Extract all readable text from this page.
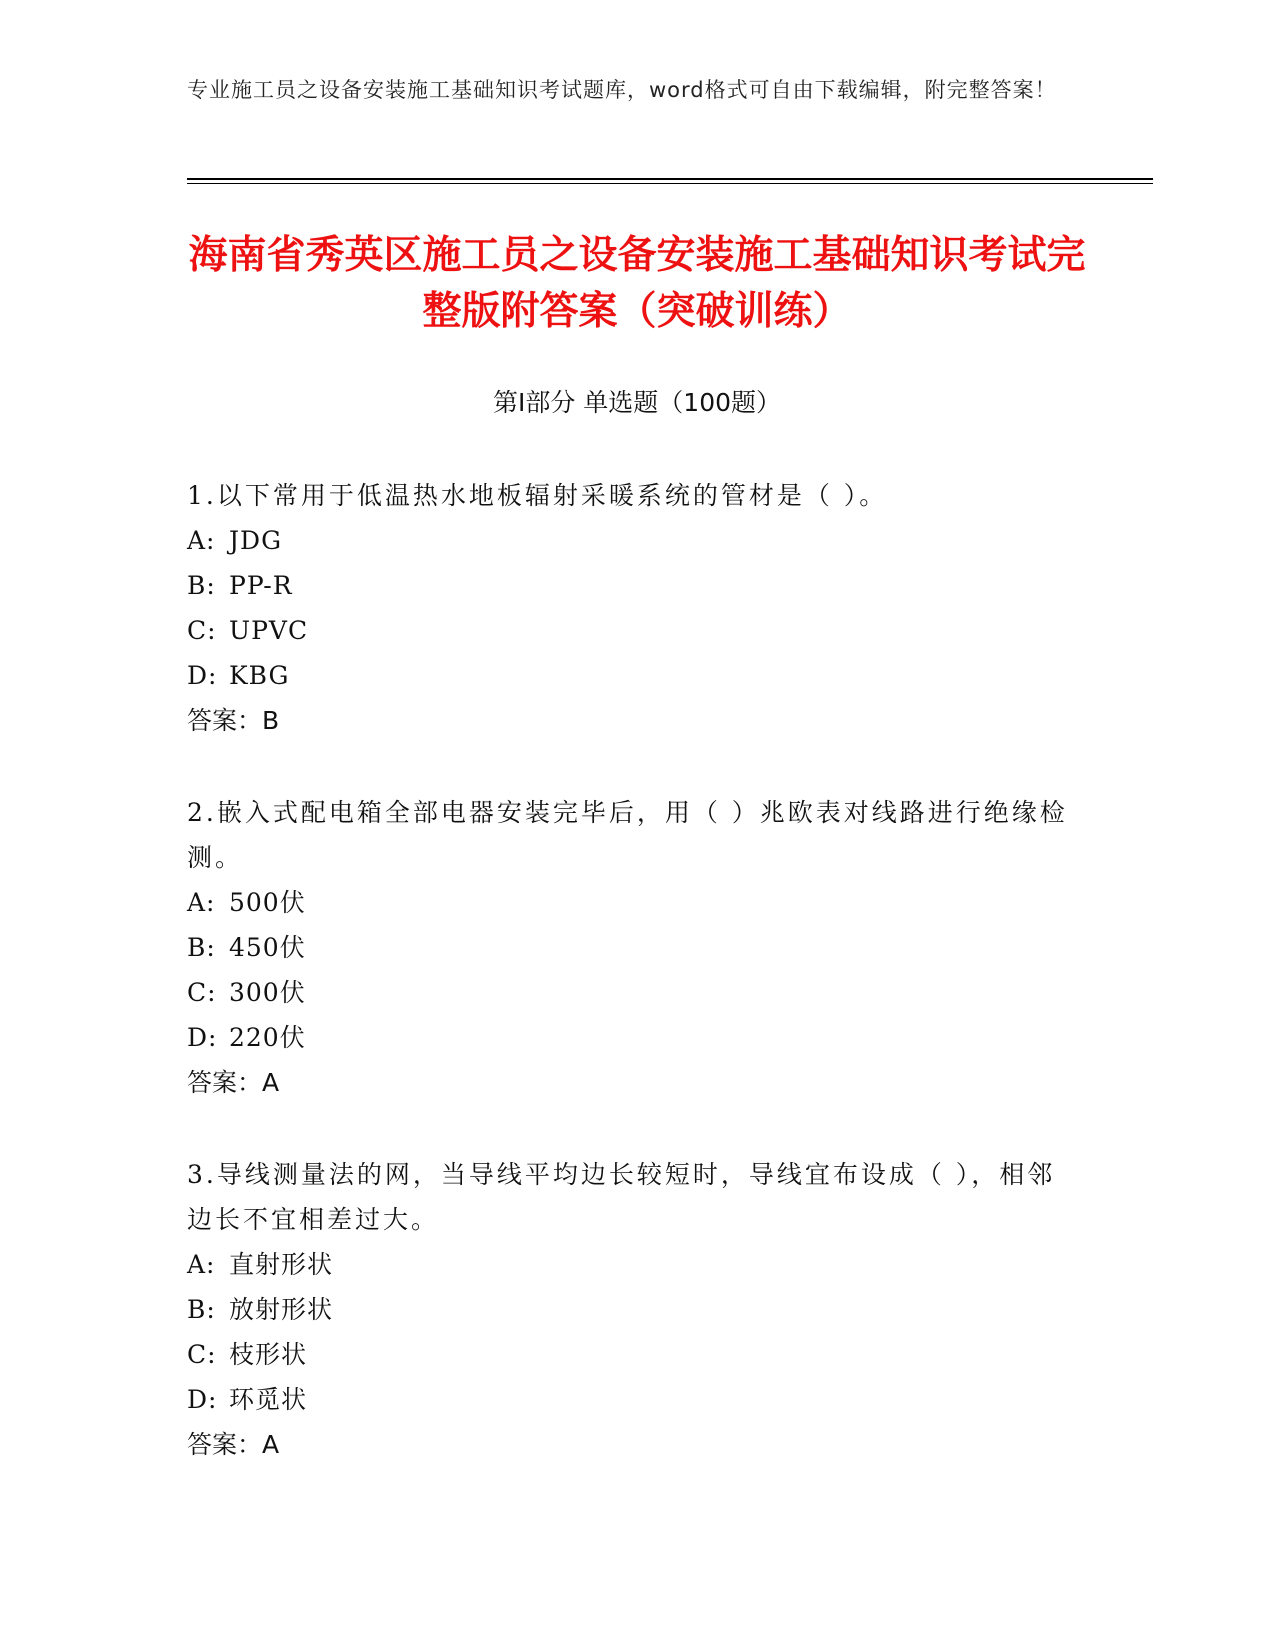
专业施工员之设备安装施工基础知识考试题库，word格式可自由下载编辑，附完整答案！
海南省秀英区施工员之设备安装施工基础知识考试完整版附答案（突破训练）
第Ⅰ部分 单选题（100题）

1.以下常用于低温热水地板辐射采暖系统的管材是（ ）。

A: JDG

B: PP-R

C: UPVC

D: KBG

答案：B

2.嵌入式配电箱全部电器安装完毕后，用（ ）兆欧表对线路进行绝缘检测。

A: 500伏

B: 450伏

C: 300伏

D: 220伏

答案：A

3.导线测量法的网，当导线平均边长较短时，导线宜布设成（ ），相邻边长不宜相差过大。

A: 直射形状

B: 放射形状

C: 枝形状

D: 环觅状

答案：A
